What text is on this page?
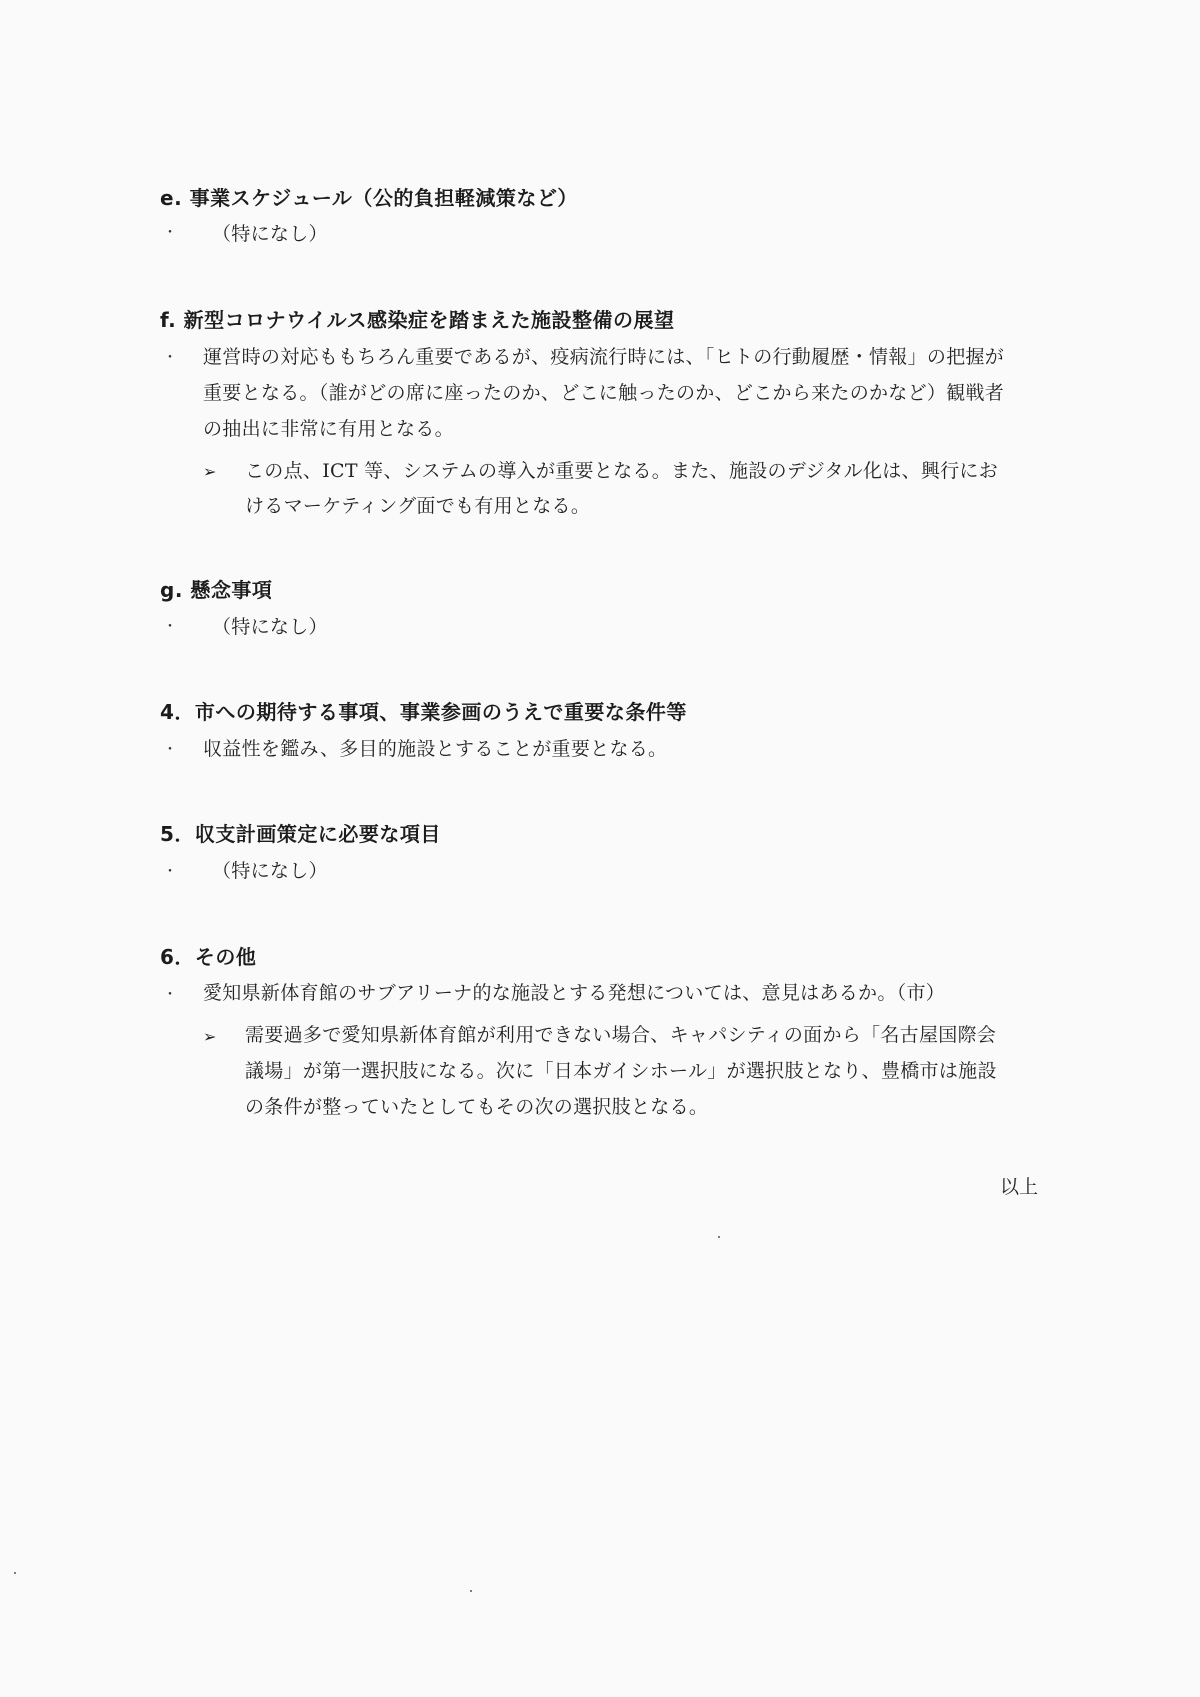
e. 事業スケジュール（公的負担軽減策など）
・ （特になし）
f. 新型コロナウイルス感染症を踏まえた施設整備の展望
・ 運営時の対応ももちろん重要であるが、疫病流行時には、「ヒトの行動履歴・情報」の把握が
重要となる。（誰がどの席に座ったのか、どこに触ったのか、どこから来たのかなど）観戦者
の抽出に非常に有用となる。
➢ この点、ICT 等、システムの導入が重要となる。また、施設のデジタル化は、興行にお
けるマーケティング面でも有用となる。
g. 懸念事項
・ （特になし）
4．市への期待する事項、事業参画のうえで重要な条件等
・ 収益性を鑑み、多目的施設とすることが重要となる。
5．収支計画策定に必要な項目
・ （特になし）
6．その他
・ 愛知県新体育館のサブアリーナ的な施設とする発想については、意見はあるか。（市）
➢ 需要過多で愛知県新体育館が利用できない場合、キャパシティの面から「名古屋国際会
議場」が第一選択肢になる。次に「日本ガイシホール」が選択肢となり、豊橋市は施設
の条件が整っていたとしてもその次の選択肢となる。
以上
